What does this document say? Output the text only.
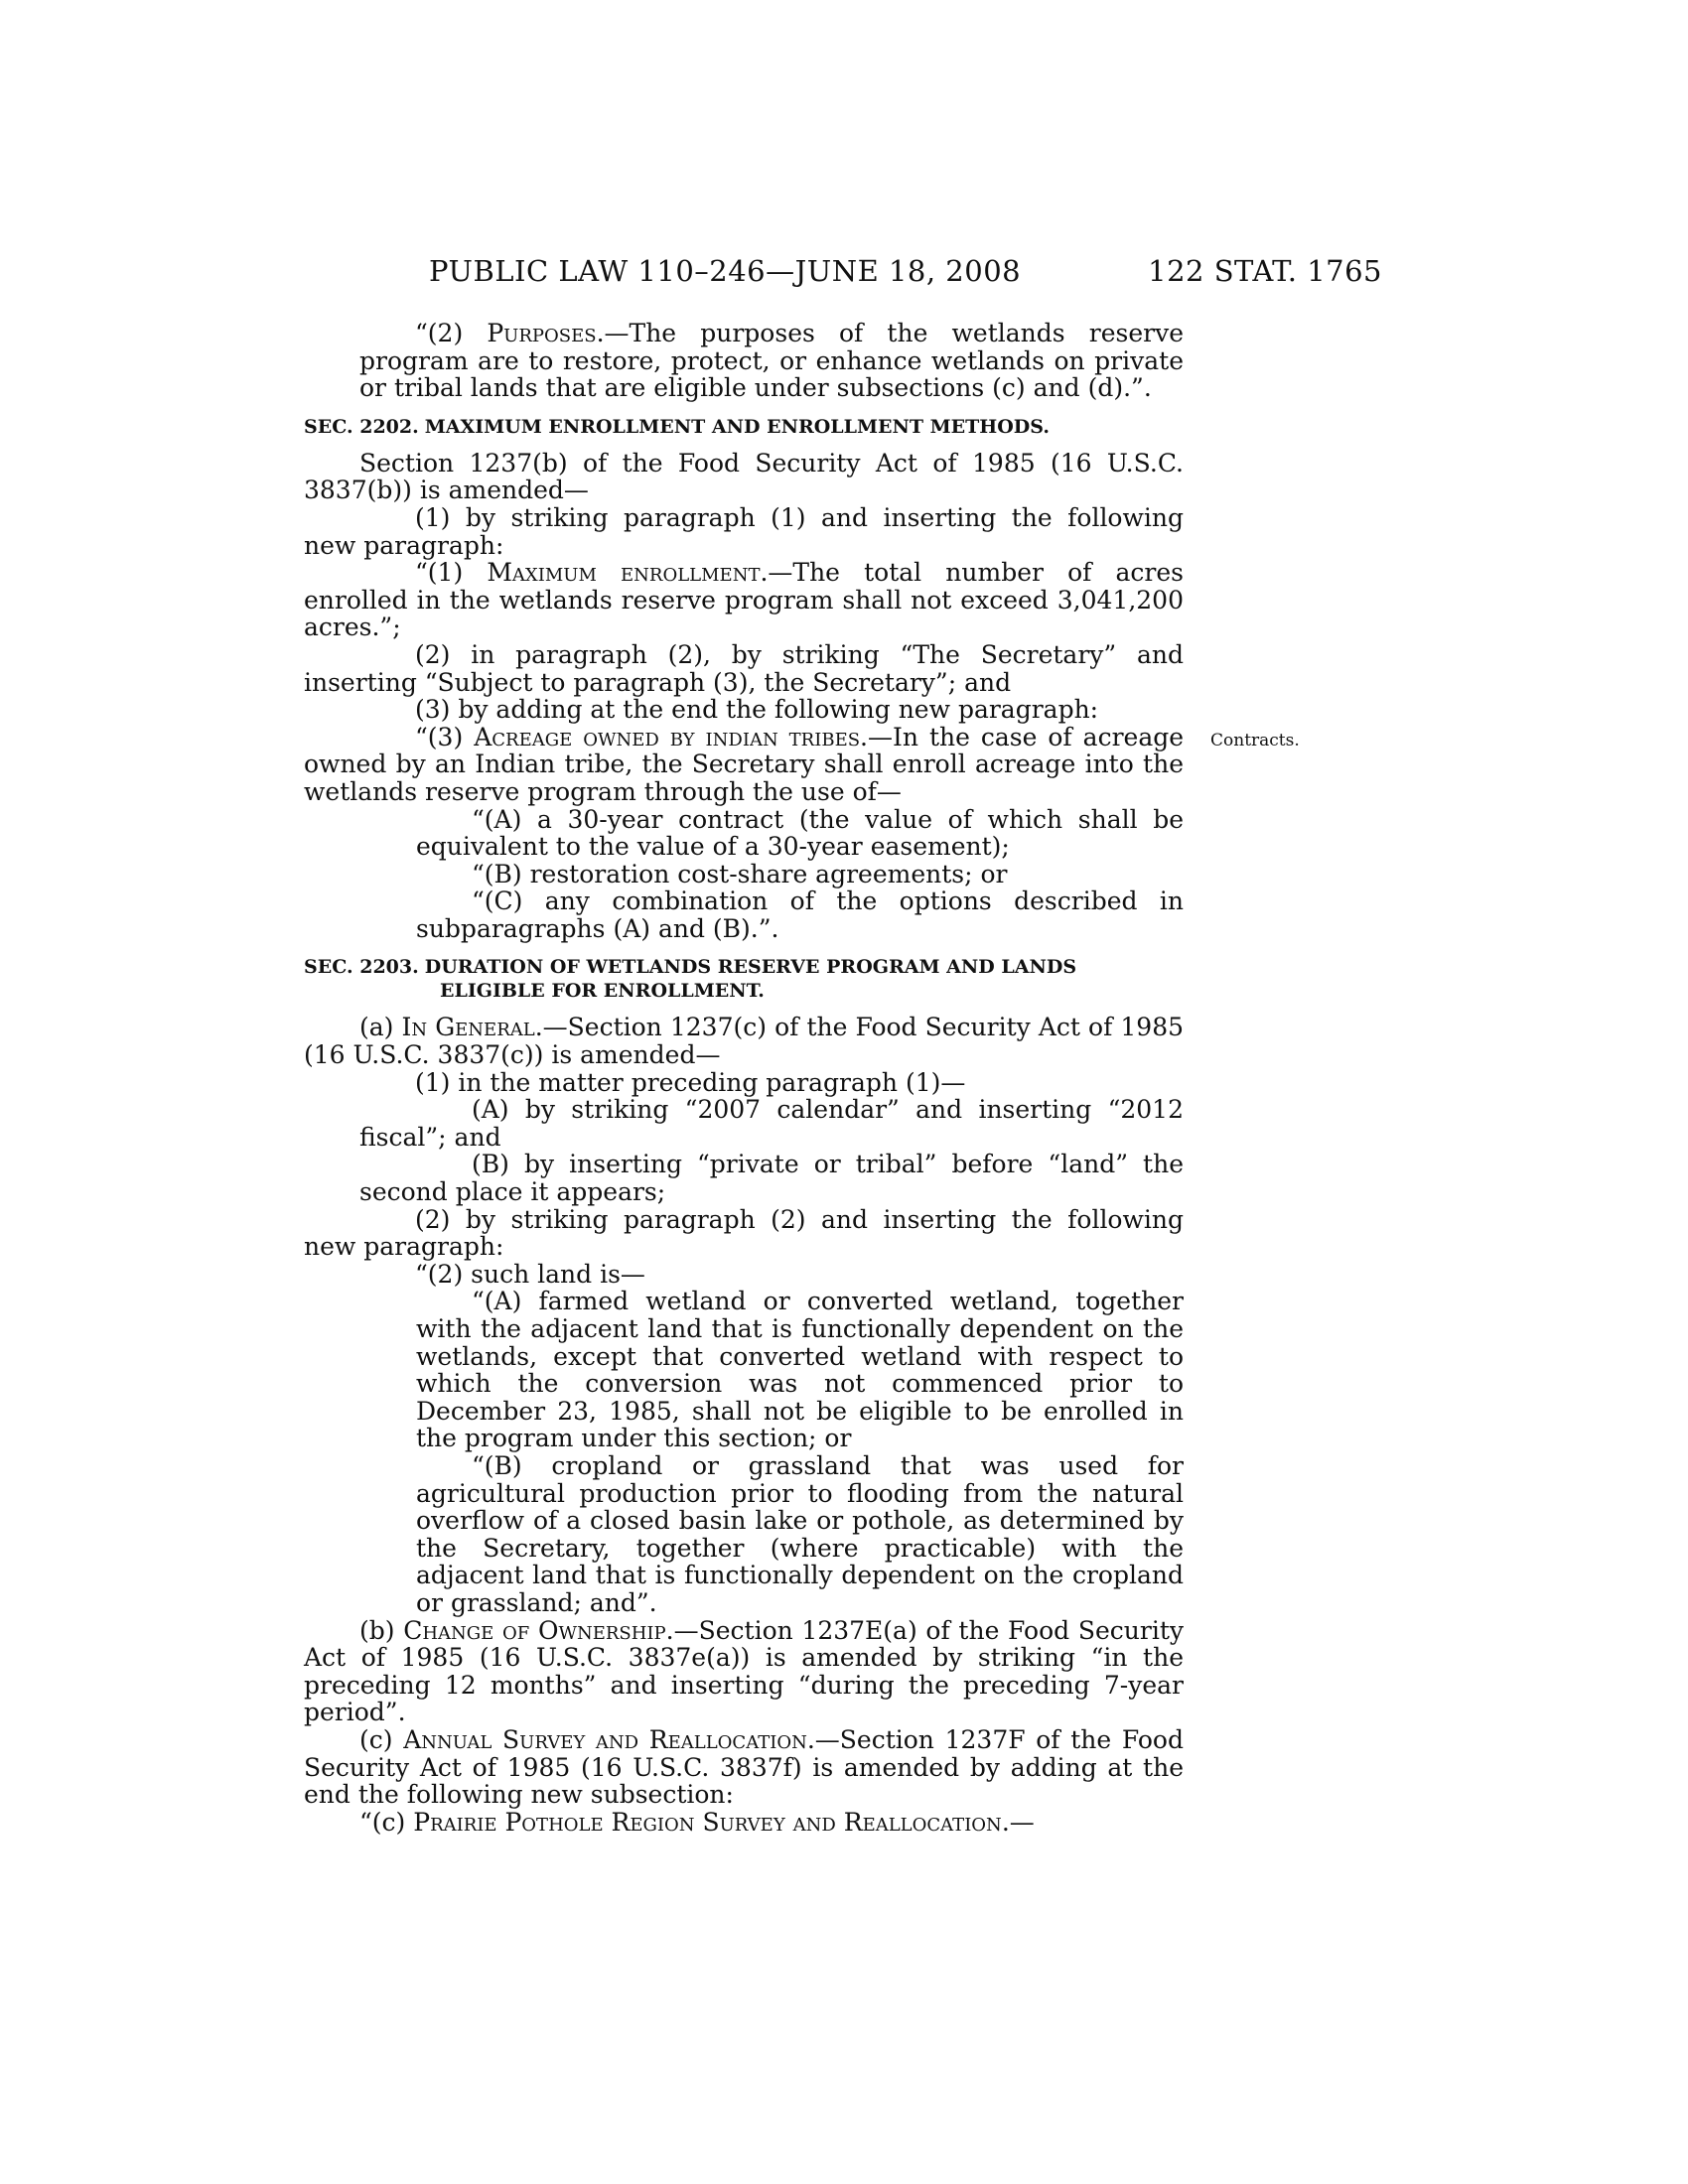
PUBLIC LAW 110–246—JUNE 18, 2008	122 STAT. 1765
Contracts.

“(2) Purposes.—The purposes of the wetlands reserve program are to restore, protect, or enhance wetlands on private or tribal lands that are eligible under subsections (c) and (d).”.

SEC. 2202. MAXIMUM ENROLLMENT AND ENROLLMENT METHODS.

Section 1237(b) of the Food Security Act of 1985 (16 U.S.C. 3837(b)) is amended—

(1) by striking paragraph (1) and inserting the following new paragraph:

“(1) Maximum enrollment.—The total number of acres enrolled in the wetlands reserve program shall not exceed 3,041,200 acres.”;

(2) in paragraph (2), by striking “The Secretary” and inserting “Subject to paragraph (3), the Secretary”; and

(3) by adding at the end the following new paragraph:

“(3) Acreage owned by indian tribes.—In the case of acreage owned by an Indian tribe, the Secretary shall enroll acreage into the wetlands reserve program through the use of—

“(A) a 30-year contract (the value of which shall be equivalent to the value of a 30-year easement);

“(B) restoration cost-share agreements; or

“(C) any combination of the options described in subparagraphs (A) and (B).”.

SEC. 2203. DURATION OF WETLANDS RESERVE PROGRAM AND LANDS
ELIGIBLE FOR ENROLLMENT.

(a) In General.—Section 1237(c) of the Food Security Act of 1985 (16 U.S.C. 3837(c)) is amended—

(1) in the matter preceding paragraph (1)—

(A) by striking “2007 calendar” and inserting “2012 fiscal”; and

(B) by inserting “private or tribal” before “land” the second place it appears;

(2) by striking paragraph (2) and inserting the following new paragraph:

“(2) such land is—

“(A) farmed wetland or converted wetland, together with the adjacent land that is functionally dependent on the wetlands, except that converted wetland with respect to which the conversion was not commenced prior to December 23, 1985, shall not be eligible to be enrolled in the program under this section; or

“(B) cropland or grassland that was used for agricultural production prior to flooding from the natural overflow of a closed basin lake or pothole, as determined by the Secretary, together (where practicable) with the adjacent land that is functionally dependent on the cropland or grassland; and”.

(b) Change of Ownership.—Section 1237E(a) of the Food Security Act of 1985 (16 U.S.C. 3837e(a)) is amended by striking “in the preceding 12 months” and inserting “during the preceding 7-year period”.

(c) Annual Survey and Reallocation.—Section 1237F of the Food Security Act of 1985 (16 U.S.C. 3837f) is amended by adding at the end the following new subsection:

“(c) Prairie Pothole Region Survey and Reallocation.—
